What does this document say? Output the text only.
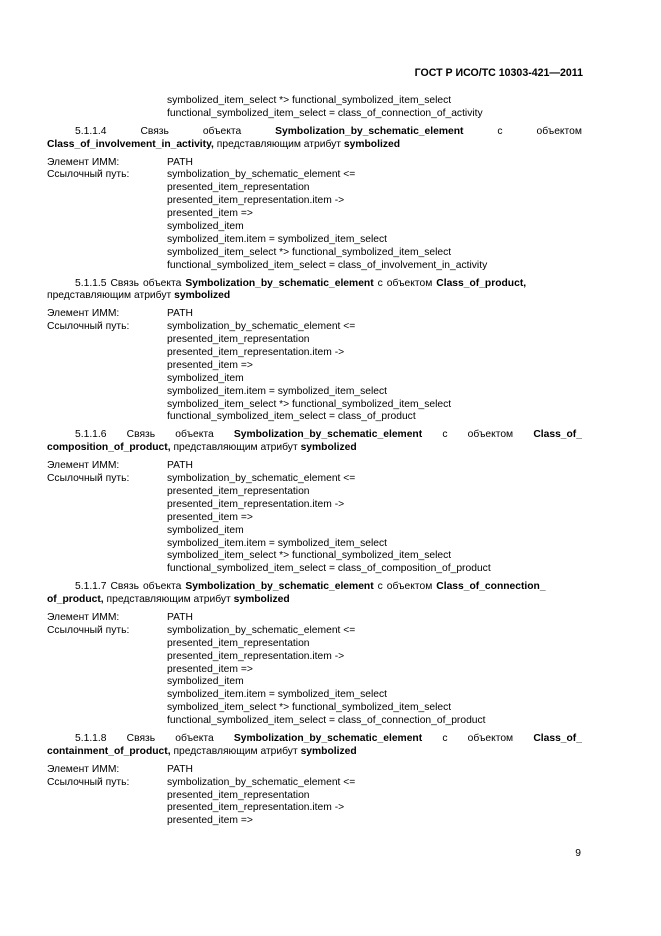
ГОСТ Р ИСО/ТС 10303-421—2011
symbolized_item_select *> functional_symbolized_item_select
functional_symbolized_item_select = class_of_connection_of_activity
5.1.1.4	Связь	объекта	Symbolization_by_schematic_element	с	объектом
Class_of_involvement_in_activity, представляющим атрибут symbolized
Элемент ИММ:	PATH
Ссылочный путь:	symbolization_by_schematic_element <=
presented_item_representation
presented_item_representation.item ->
presented_item =>
symbolized_item
symbolized_item.item = symbolized_item_select
symbolized_item_select *> functional_symbolized_item_select
functional_symbolized_item_select = class_of_involvement_in_activity
5.1.1.5 Связь объекта Symbolization_by_schematic_element с объектом Class_of_product,
представляющим атрибут symbolized
Элемент ИММ:	PATH
Ссылочный путь:	symbolization_by_schematic_element <=
presented_item_representation
presented_item_representation.item ->
presented_item =>
symbolized_item
symbolized_item.item = symbolized_item_select
symbolized_item_select *> functional_symbolized_item_select
functional_symbolized_item_select = class_of_product
5.1.1.6 Связь объекта Symbolization_by_schematic_element с объектом Class_of_
composition_of_product, представляющим атрибут symbolized
Элемент ИММ:	PATH
Ссылочный путь:	symbolization_by_schematic_element <=
presented_item_representation
presented_item_representation.item ->
presented_item =>
symbolized_item
symbolized_item.item = symbolized_item_select
symbolized_item_select *> functional_symbolized_item_select
functional_symbolized_item_select = class_of_composition_of_product
5.1.1.7 Связь объекта Symbolization_by_schematic_element с объектом Class_of_connection_
of_product, представляющим атрибут symbolized
Элемент ИММ:	PATH
Ссылочный путь:	symbolization_by_schematic_element <=
presented_item_representation
presented_item_representation.item ->
presented_item =>
symbolized_item
symbolized_item.item = symbolized_item_select
symbolized_item_select *> functional_symbolized_item_select
functional_symbolized_item_select = class_of_connection_of_product
5.1.1.8 Связь объекта Symbolization_by_schematic_element с объектом Class_of_
containment_of_product, представляющим атрибут symbolized
Элемент ИММ:	PATH
Ссылочный путь:	symbolization_by_schematic_element <=
presented_item_representation
presented_item_representation.item ->
presented_item =>
9
